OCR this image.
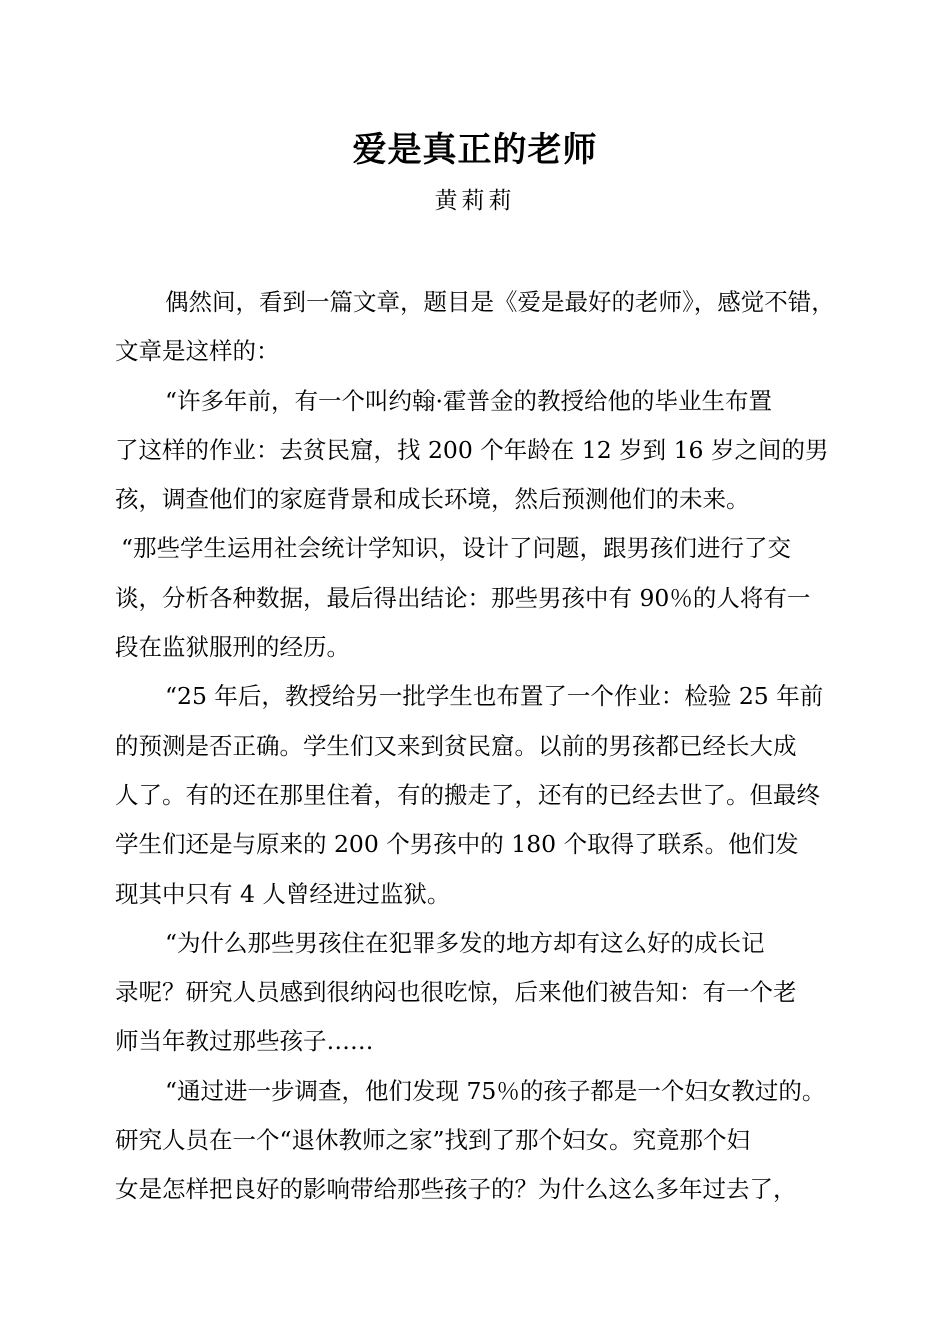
爱是真正的老师
黄莉莉
偶然间，看到一篇文章，题目是《爱是最好的老师》，感觉不错，
文章是这样的：
“许多年前，有一个叫约翰·霍普金的教授给他的毕业生布置
了这样的作业：去贫民窟，找 200 个年龄在 12 岁到 16 岁之间的男
孩，调查他们的家庭背景和成长环境，然后预测他们的未来。
“那些学生运用社会统计学知识，设计了问题，跟男孩们进行了交
谈，分析各种数据，最后得出结论：那些男孩中有 90％的人将有一
段在监狱服刑的经历。
“25 年后，教授给另一批学生也布置了一个作业：检验 25 年前
的预测是否正确。学生们又来到贫民窟。以前的男孩都已经长大成
人了。有的还在那里住着，有的搬走了，还有的已经去世了。但最终
学生们还是与原来的 200 个男孩中的 180 个取得了联系。他们发
现其中只有 4 人曾经进过监狱。
“为什么那些男孩住在犯罪多发的地方却有这么好的成长记
录呢？研究人员感到很纳闷也很吃惊，后来他们被告知：有一个老
师当年教过那些孩子……
“通过进一步调查，他们发现 75％的孩子都是一个妇女教过的。
研究人员在一个“退休教师之家”找到了那个妇女。究竟那个妇
女是怎样把良好的影响带给那些孩子的？为什么这么多年过去了，
